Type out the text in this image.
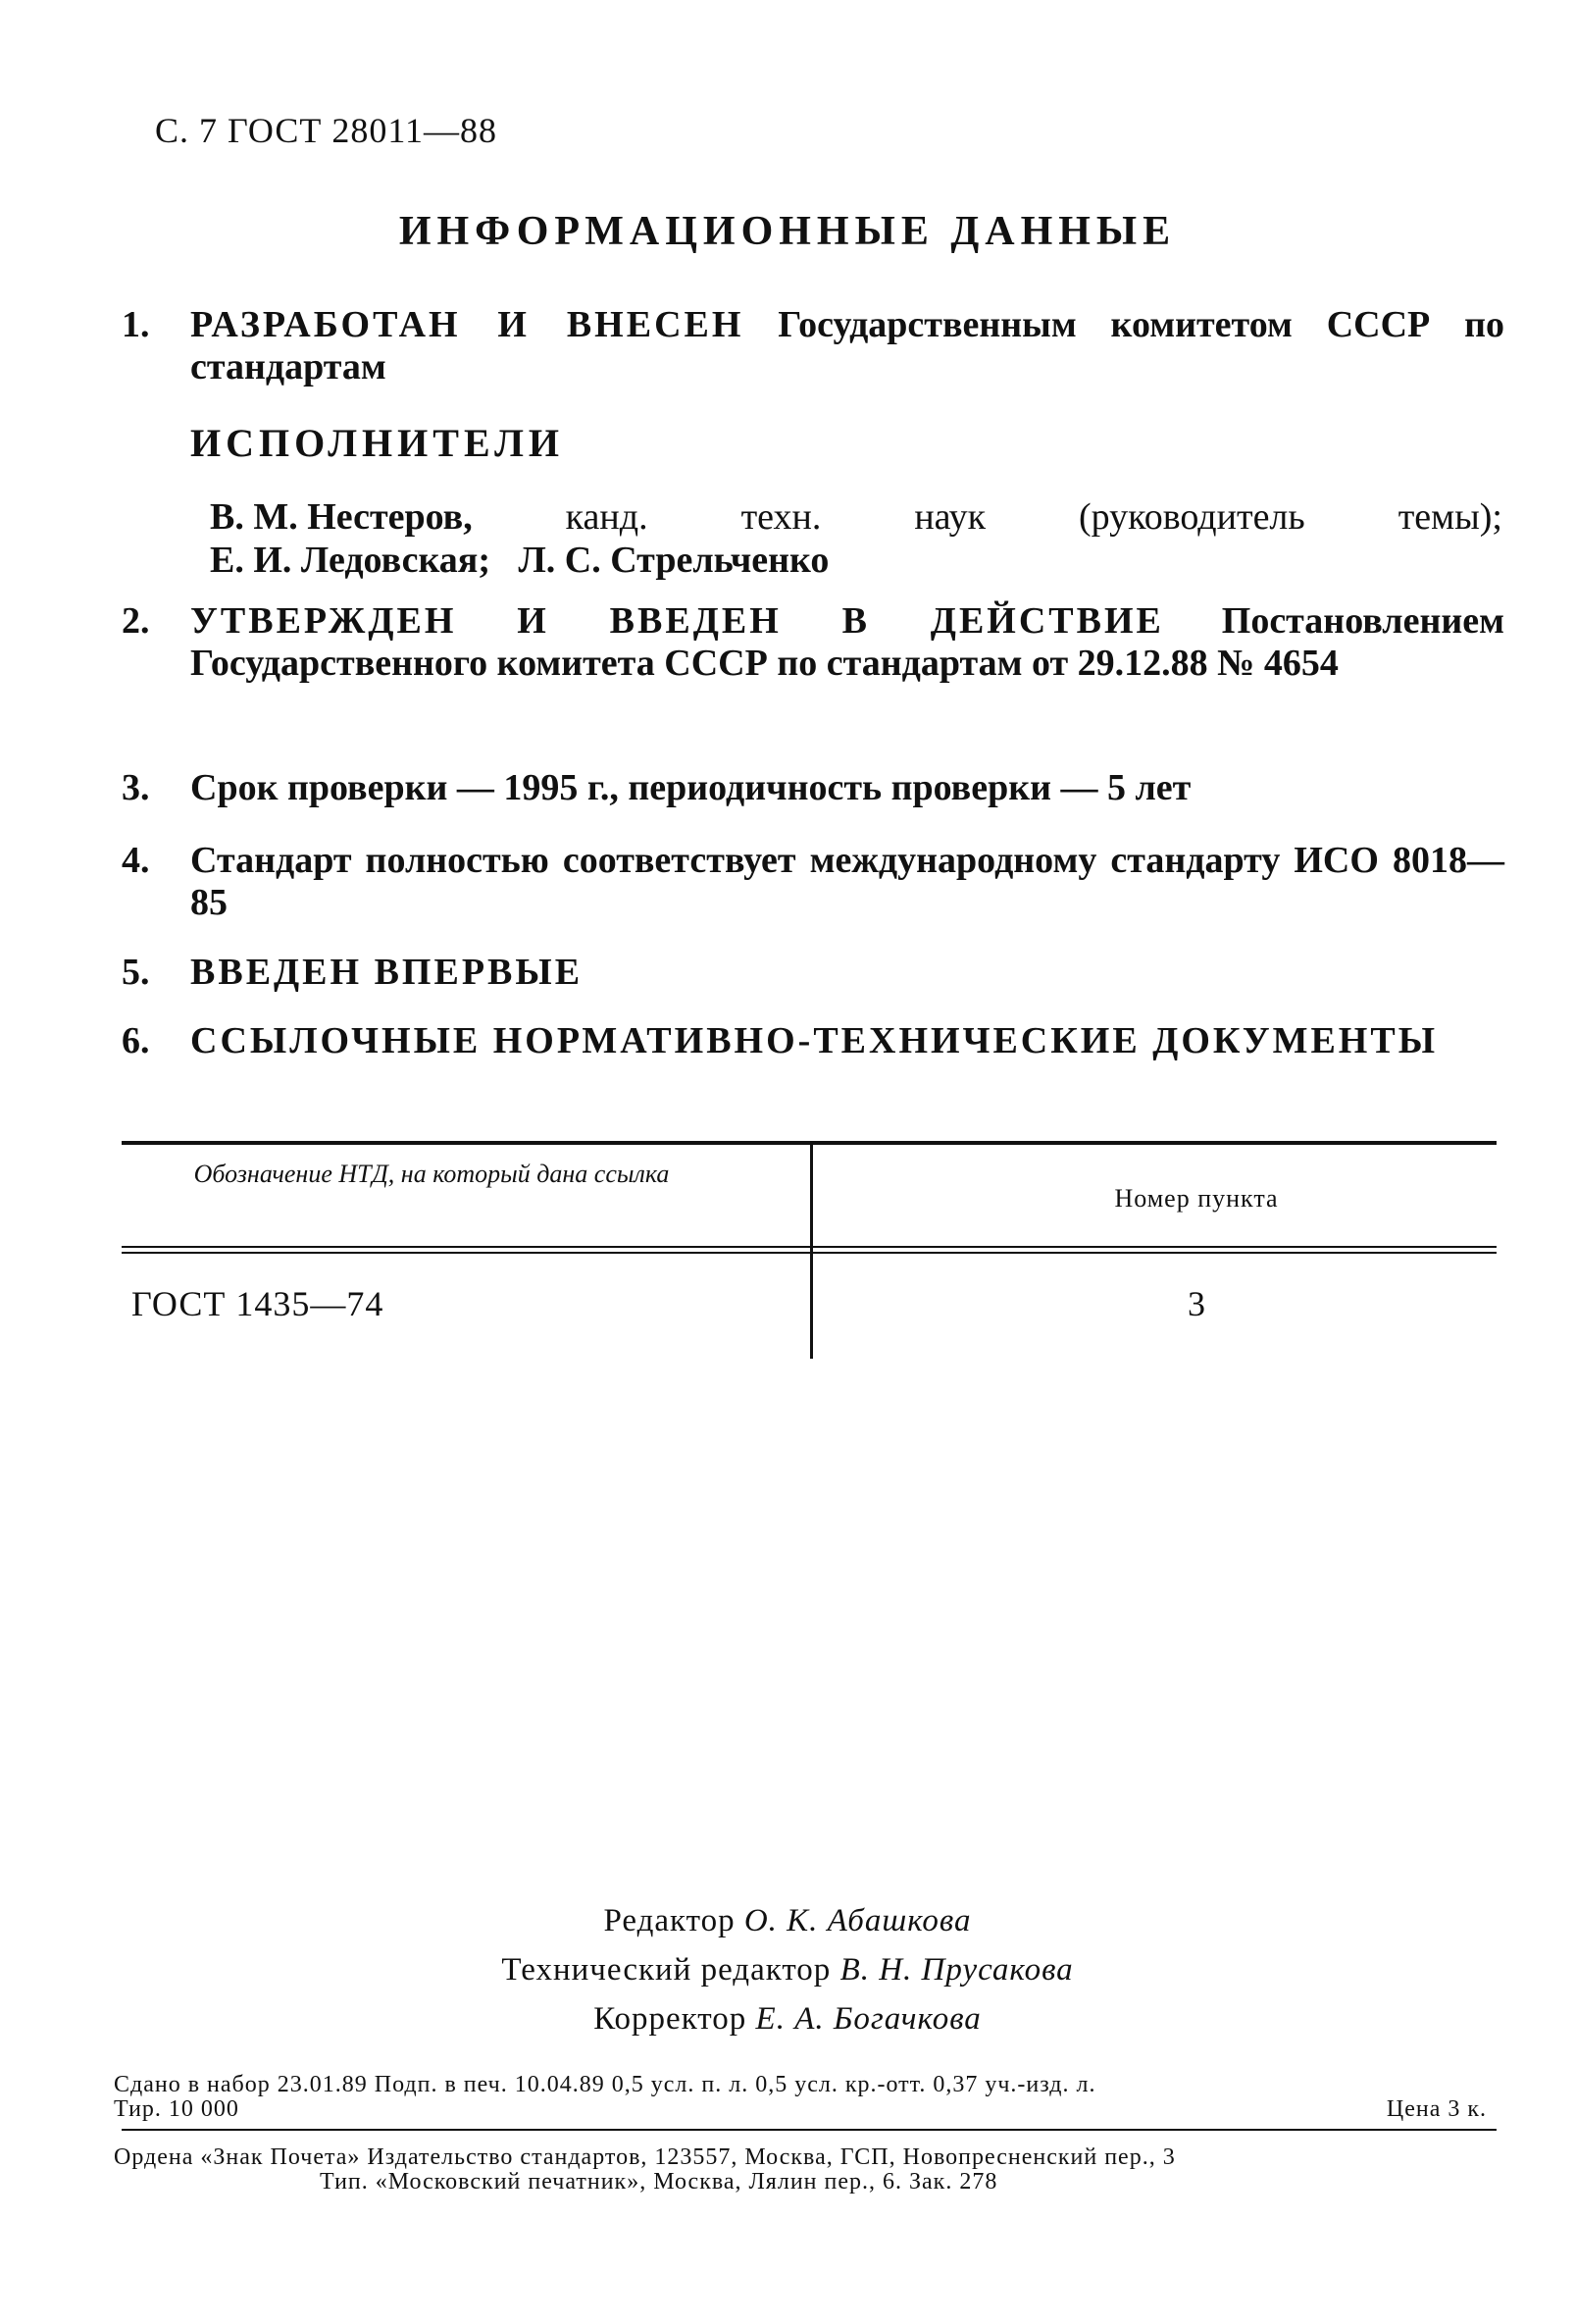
С. 7 ГОСТ 28011—88
ИНФОРМАЦИОННЫЕ ДАННЫЕ
1. РАЗРАБОТАН И ВНЕСЕН Государственным комитетом СССР по стандартам
ИСПОЛНИТЕЛИ
В. М. Нестеров, канд. техн. наук (руководитель темы);
Е. И. Ледовская; Л. С. Стрельченко
2. УТВЕРЖДЕН И ВВЕДЕН В ДЕЙСТВИЕ Постановлением Государственного комитета СССР по стандартам от 29.12.88 № 4654
3. Срок проверки — 1995 г., периодичность проверки — 5 лет
4. Стандарт полностью соответствует международному стандарту ИСО 8018—85
5. ВВЕДЕН ВПЕРВЫЕ
6. ССЫЛОЧНЫЕ НОРМАТИВНО-ТЕХНИЧЕСКИЕ ДОКУМЕНТЫ
Обозначение НТД, на который дана ссылка
Номер пункта
ГОСТ 1435—74	3
Редактор О. К. Абашкова
Технический редактор В. Н. Прусакова
Корректор Е. А. Богачкова
Сдано в набор 23.01.89 Подп. в печ. 10.04.89 0,5 усл. п. л. 0,5 усл. кр.-отт. 0,37 уч.-изд. л.
Тир. 10 000	Цена 3 к.
Ордена «Знак Почета» Издательство стандартов, 123557, Москва, ГСП, Новопресненский пер., 3
Тип. «Московский печатник», Москва, Лялин пер., 6. Зак. 278
